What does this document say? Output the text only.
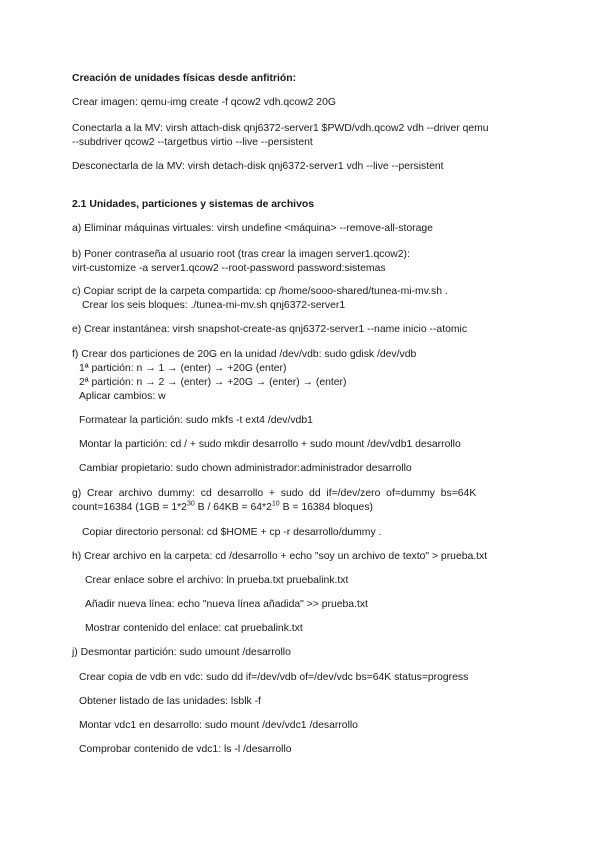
Creación de unidades físicas desde anfitrión:
Crear imagen: qemu-img create -f qcow2 vdh.qcow2 20G
Conectarla a la MV: virsh attach-disk qnj6372-server1 $PWD/vdh.qcow2 vdh --driver qemu
--subdriver qcow2 --targetbus virtio --live --persistent
Desconectarla de la MV: virsh detach-disk qnj6372-server1 vdh --live --persistent
2.1 Unidades, particiones y sistemas de archivos
a) Eliminar máquinas virtuales: virsh undefine <máquina> --remove-all-storage
b) Poner contraseña al usuario root (tras crear la imagen server1.qcow2):
virt-customize -a server1.qcow2 --root-password password:sistemas
c) Copiar script de la carpeta compartida: cp /home/sooo-shared/tunea-mi-mv.sh .
Crear los seis bloques: ./tunea-mi-mv.sh qnj6372-server1
e) Crear instantánea: virsh snapshot-create-as qnj6372-server1 --name inicio --atomic
f) Crear dos particiones de 20G en la unidad /dev/vdb: sudo gdisk /dev/vdb
1ª partición: n → 1 → (enter) → +20G (enter)
2ª partición: n → 2 → (enter) → +20G → (enter) → (enter)
Aplicar cambios: w
Formatear la partición: sudo mkfs -t ext4 /dev/vdb1
Montar la partición: cd / + sudo mkdir desarrollo + sudo mount /dev/vdb1 desarrollo
Cambiar propietario: sudo chown administrador:administrador desarrollo
g)  Crear  archivo  dummy:  cd  desarrollo  +  sudo  dd  if=/dev/zero  of=dummy  bs=64K
count=16384 ($1GB = 1*2^{30}$ $B / 64KB = 64*2^{10}$ B = 16384 bloques)
Copiar directorio personal: cd $HOME + cp -r desarrollo/dummy .
h) Crear archivo en la carpeta: cd /desarrollo + echo "soy un archivo de texto" > prueba.txt
Crear enlace sobre el archivo: ln prueba.txt pruebalink.txt
Añadir nueva línea: echo "nueva línea añadida" >> prueba.txt
Mostrar contenido del enlace: cat pruebalink.txt
j) Desmontar partición: sudo umount /desarrollo
Crear copia de vdb en vdc: sudo dd if=/dev/vdb of=/dev/vdc bs=64K status=progress
Obtener listado de las unidades: lsblk -f
Montar vdc1 en desarrollo: sudo mount /dev/vdc1 /desarrollo
Comprobar contenido de vdc1: ls -l /desarrollo
